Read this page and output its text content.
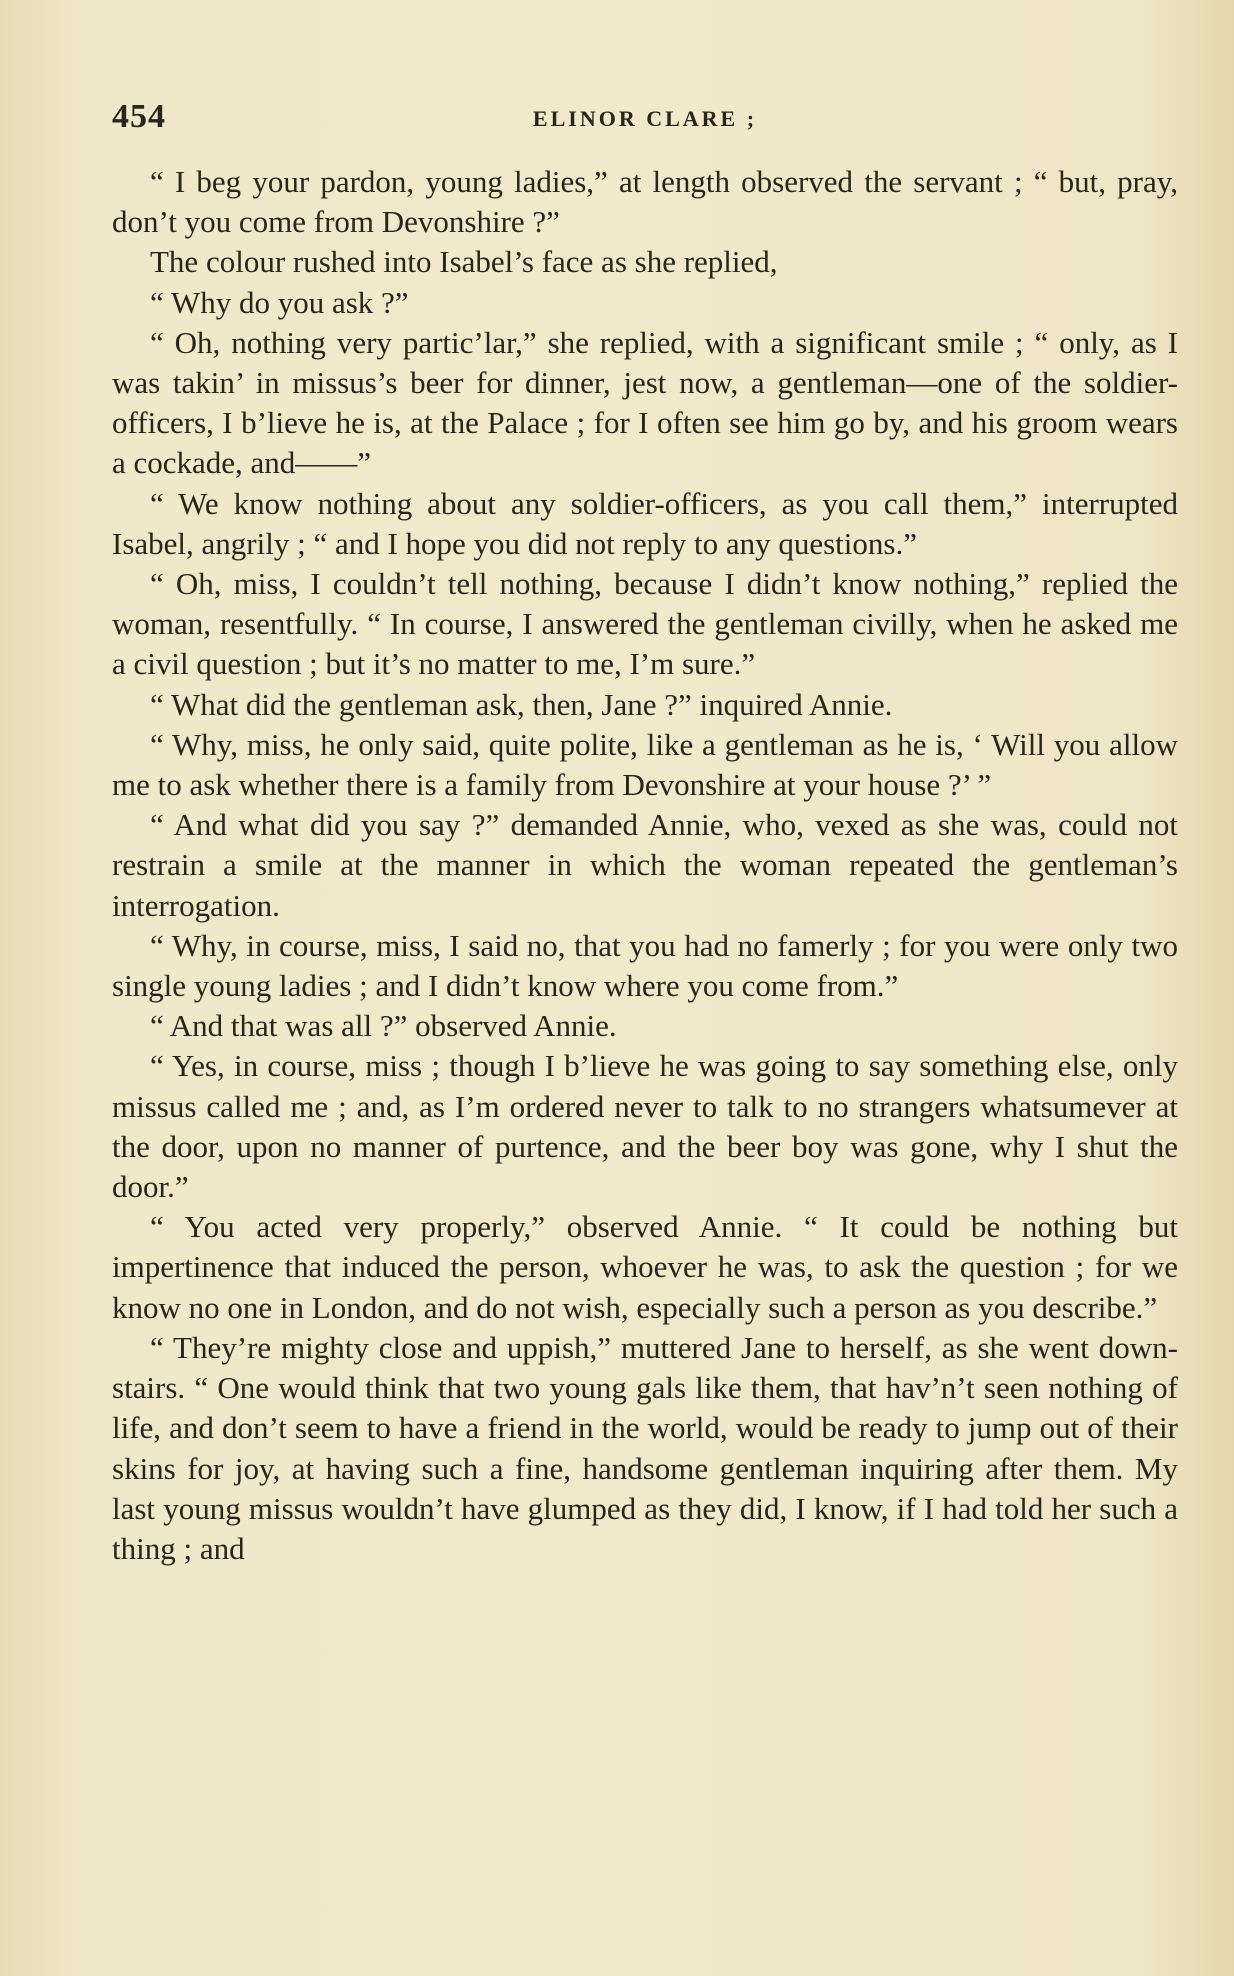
454	ELINOR CLARE ;

“ I beg your pardon, young ladies,” at length observed the servant ; “ but, pray, don’t you come from Devonshire ?”

The colour rushed into Isabel’s face as she replied,

“ Why do you ask ?”

“ Oh, nothing very partic’lar,” she replied, with a significant smile ; “ only, as I was takin’ in missus’s beer for dinner, jest now, a gentleman—one of the soldier-officers, I b’lieve he is, at the Palace ; for I often see him go by, and his groom wears a cockade, and——”

“ We know nothing about any soldier-officers, as you call them,” interrupted Isabel, angrily ; “ and I hope you did not reply to any questions.”

“ Oh, miss, I couldn’t tell nothing, because I didn’t know nothing,” replied the woman, resentfully. “ In course, I answered the gentleman civilly, when he asked me a civil question ; but it’s no matter to me, I’m sure.”

“ What did the gentleman ask, then, Jane ?” inquired Annie.

“ Why, miss, he only said, quite polite, like a gentleman as he is, ‘ Will you allow me to ask whether there is a family from Devonshire at your house ?’ ”

“ And what did you say ?” demanded Annie, who, vexed as she was, could not restrain a smile at the manner in which the woman repeated the gentleman’s interrogation.

“ Why, in course, miss, I said no, that you had no famerly ; for you were only two single young ladies ; and I didn’t know where you come from.”

“ And that was all ?” observed Annie.

“ Yes, in course, miss ; though I b’lieve he was going to say something else, only missus called me ; and, as I’m ordered never to talk to no strangers whatsumever at the door, upon no manner of purtence, and the beer boy was gone, why I shut the door.”

“ You acted very properly,” observed Annie. “ It could be nothing but impertinence that induced the person, whoever he was, to ask the question ; for we know no one in London, and do not wish, especially such a person as you describe.”

“ They’re mighty close and uppish,” muttered Jane to herself, as she went down-stairs. “ One would think that two young gals like them, that hav’n’t seen nothing of life, and don’t seem to have a friend in the world, would be ready to jump out of their skins for joy, at having such a fine, handsome gentleman inquiring after them. My last young missus wouldn’t have glumped as they did, I know, if I had told her such a thing ; and
